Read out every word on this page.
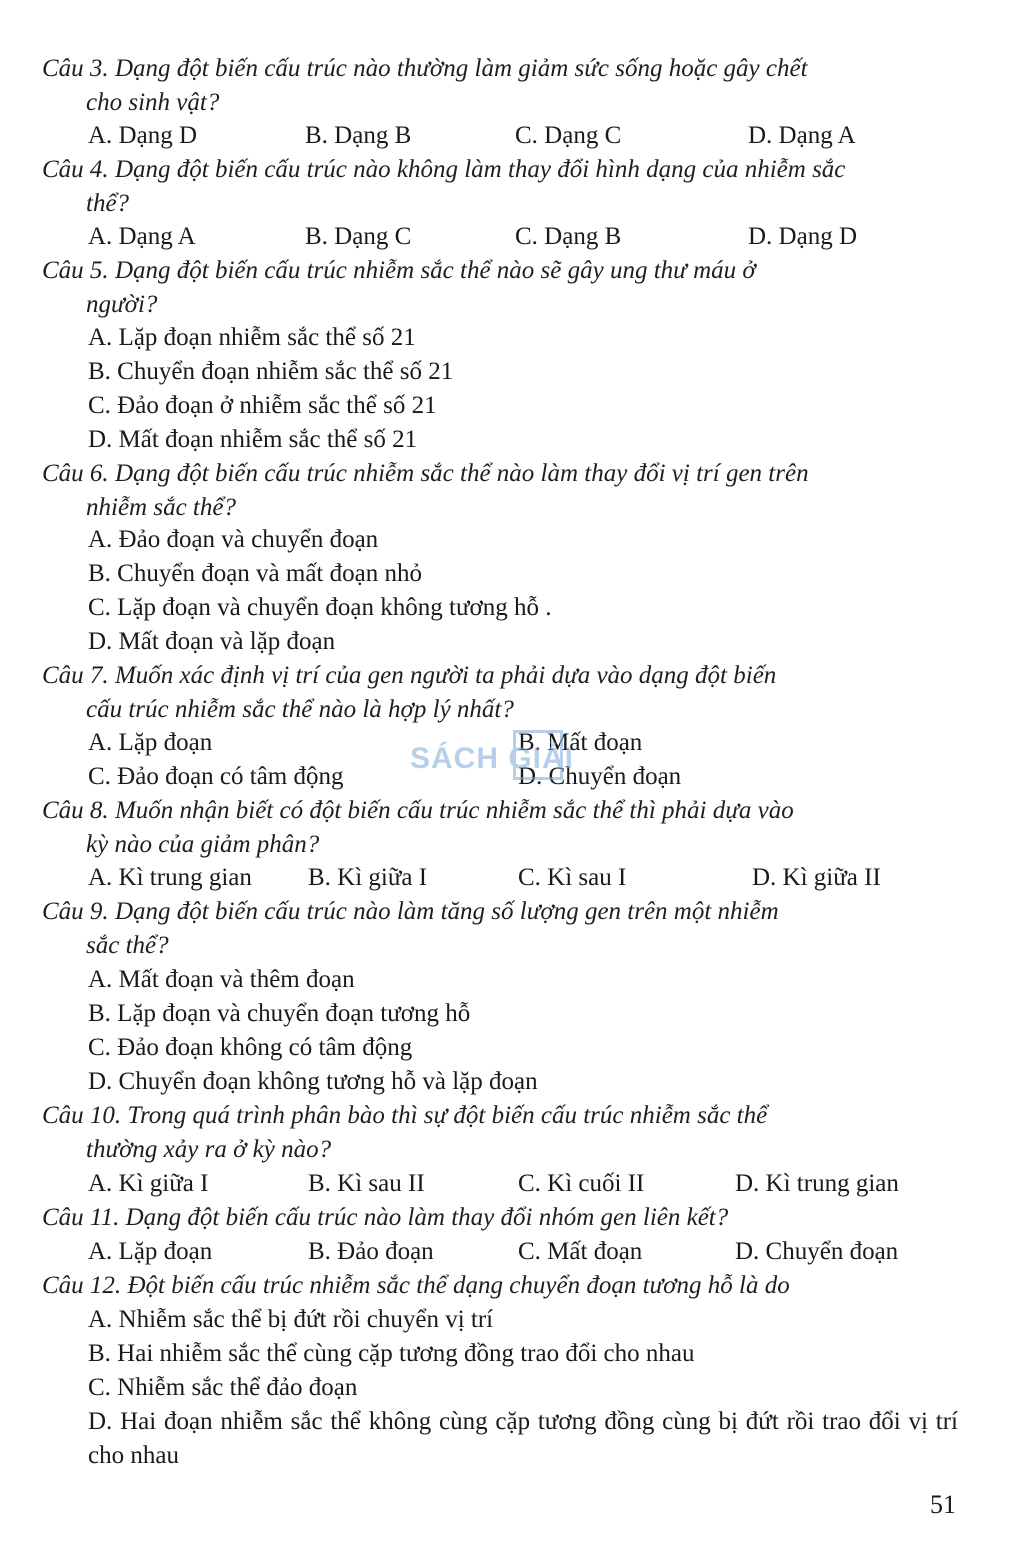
Câu 3. Dạng đột biến cấu trúc nào thường làm giảm sức sống hoặc gây chết
cho sinh vật?
A. Dạng D	B. Dạng B	C. Dạng C	D. Dạng A
Câu 4. Dạng đột biến cấu trúc nào không làm thay đổi hình dạng của nhiễm sắc
thể?
A. Dạng A	B. Dạng C	C. Dạng B	D. Dạng D
Câu 5. Dạng đột biến cấu trúc nhiễm sắc thể nào sẽ gây ung thư máu ở
người?
A. Lặp đoạn nhiễm sắc thể số 21
B. Chuyển đoạn nhiễm sắc thể số 21
C. Đảo đoạn ở nhiễm sắc thể số 21
D. Mất đoạn nhiễm sắc thể số 21
Câu 6. Dạng đột biến cấu trúc nhiễm sắc thể nào làm thay đổi vị trí gen trên
nhiễm sắc thể?
A. Đảo đoạn và chuyển đoạn
B. Chuyển đoạn và mất đoạn nhỏ
C. Lặp đoạn và chuyển đoạn không tương hỗ .
D. Mất đoạn và lặp đoạn
Câu 7. Muốn xác định vị trí của gen người ta phải dựa vào dạng đột biến
cấu trúc nhiễm sắc thể nào là hợp lý nhất?
A. Lặp đoạn	B. Mất đoạn
C. Đảo đoạn có tâm động	D. Chuyển đoạn
SÁCH GIẢI
Câu 8. Muốn nhận biết có đột biến cấu trúc nhiễm sắc thể thì phải dựa vào
kỳ nào của giảm phân?
A. Kì trung gian B. Kì giữa I	C. Kì sau I	D. Kì giữa II
Câu 9. Dạng đột biến cấu trúc nào làm tăng số lượng gen trên một nhiễm
sắc thể?
A. Mất đoạn và thêm đoạn
B. Lặp đoạn và chuyển đoạn tương hỗ
C. Đảo đoạn không có tâm động
D. Chuyển đoạn không tương hỗ và lặp đoạn
Câu 10. Trong quá trình phân bào thì sự đột biến cấu trúc nhiễm sắc thể
thường xảy ra ở kỳ nào?
A. Kì giữa I	B. Kì sau II	C. Kì cuối II	D. Kì trung gian
Câu 11. Dạng đột biến cấu trúc nào làm thay đổi nhóm gen liên kết?
A. Lặp đoạn	B. Đảo đoạn	C. Mất đoạn	D. Chuyển đoạn
Câu 12. Đột biến cấu trúc nhiễm sắc thể dạng chuyển đoạn tương hỗ là do
A. Nhiễm sắc thể bị đứt rồi chuyển vị trí
B. Hai nhiễm sắc thể cùng cặp tương đồng trao đổi cho nhau
C. Nhiễm sắc thể đảo đoạn
D. Hai đoạn nhiễm sắc thể không cùng cặp tương đồng cùng bị đứt rồi trao đổi vị trí cho nhau
51
